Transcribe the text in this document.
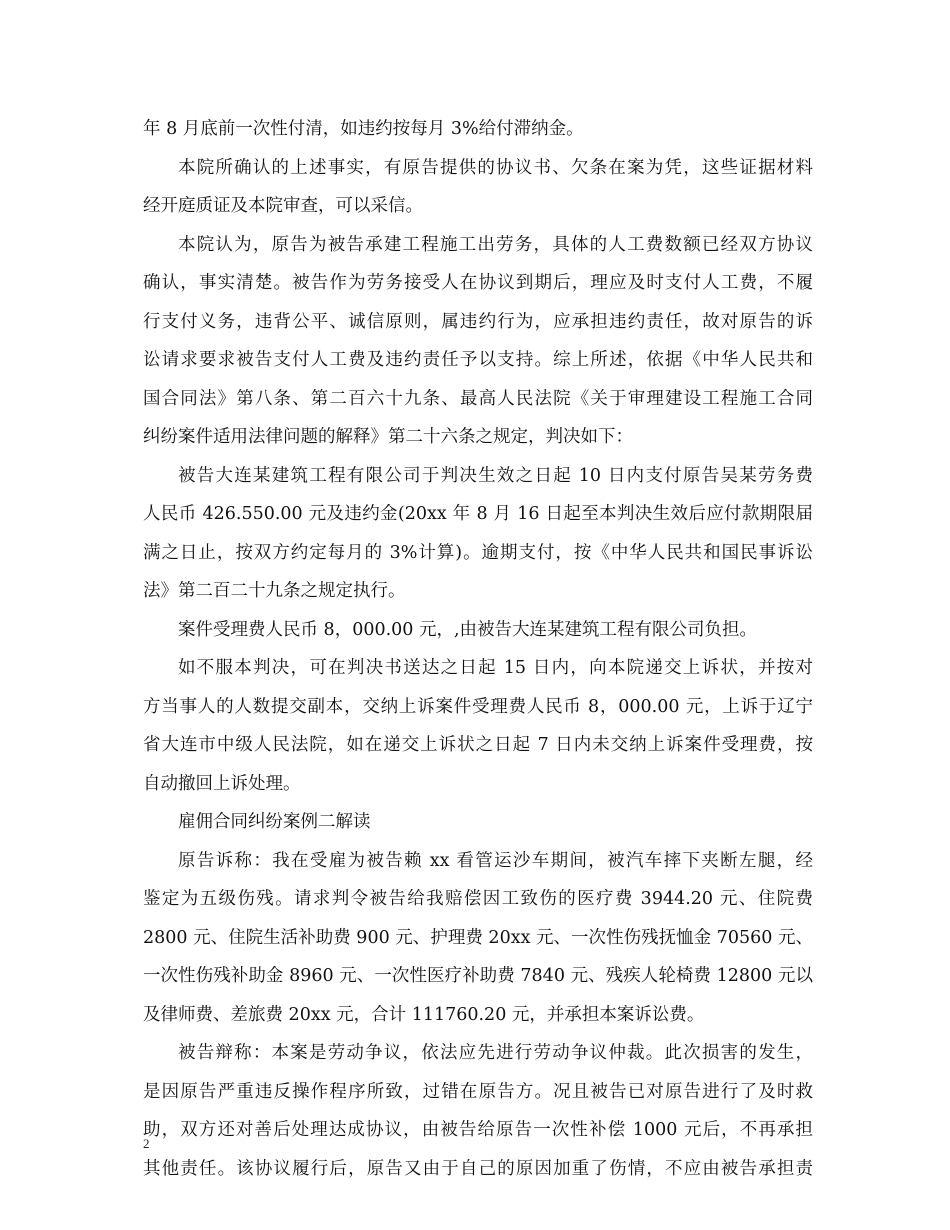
年 8 月底前一次性付清，如违约按每月 3%给付滞纳金。
本院所确认的上述事实，有原告提供的协议书、欠条在案为凭，这些证据材料
经开庭质证及本院审查，可以采信。
本院认为，原告为被告承建工程施工出劳务，具体的人工费数额已经双方协议
确认，事实清楚。被告作为劳务接受人在协议到期后，理应及时支付人工费，不履
行支付义务，违背公平、诚信原则，属违约行为，应承担违约责任，故对原告的诉
讼请求要求被告支付人工费及违约责任予以支持。综上所述，依据《中华人民共和
国合同法》第八条、第二百六十九条、最高人民法院《关于审理建设工程施工合同
纠纷案件适用法律问题的解释》第二十六条之规定，判决如下：
被告大连某建筑工程有限公司于判决生效之日起 10 日内支付原告吴某劳务费
人民币 426.550.00 元及违约金(20xx 年 8 月 16 日起至本判决生效后应付款期限届
满之日止，按双方约定每月的 3%计算)。逾期支付，按《中华人民共和国民事诉讼
法》第二百二十九条之规定执行。
案件受理费人民币 8，000.00 元，,由被告大连某建筑工程有限公司负担。
如不服本判决，可在判决书送达之日起 15 日内，向本院递交上诉状，并按对
方当事人的人数提交副本，交纳上诉案件受理费人民币 8，000.00 元，上诉于辽宁
省大连市中级人民法院，如在递交上诉状之日起 7 日内未交纳上诉案件受理费，按
自动撤回上诉处理。
雇佣合同纠纷案例二解读
原告诉称：我在受雇为被告赖 xx 看管运沙车期间，被汽车摔下夹断左腿，经
鉴定为五级伤残。请求判令被告给我赔偿因工致伤的医疗费 3944.20 元、住院费
2800 元、住院生活补助费 900 元、护理费 20xx 元、一次性伤残抚恤金 70560 元、
一次性伤残补助金 8960 元、一次性医疗补助费 7840 元、残疾人轮椅费 12800 元以
及律师费、差旅费 20xx 元，合计 111760.20 元，并承担本案诉讼费。
被告辩称：本案是劳动争议，依法应先进行劳动争议仲裁。此次损害的发生，
是因原告严重违反操作程序所致，过错在原告方。况且被告已对原告进行了及时救
助，双方还对善后处理达成协议，由被告给原告一次性补偿 1000 元后，不再承担
其他责任。该协议履行后，原告又由于自己的原因加重了伤情，不应由被告承担责
2
